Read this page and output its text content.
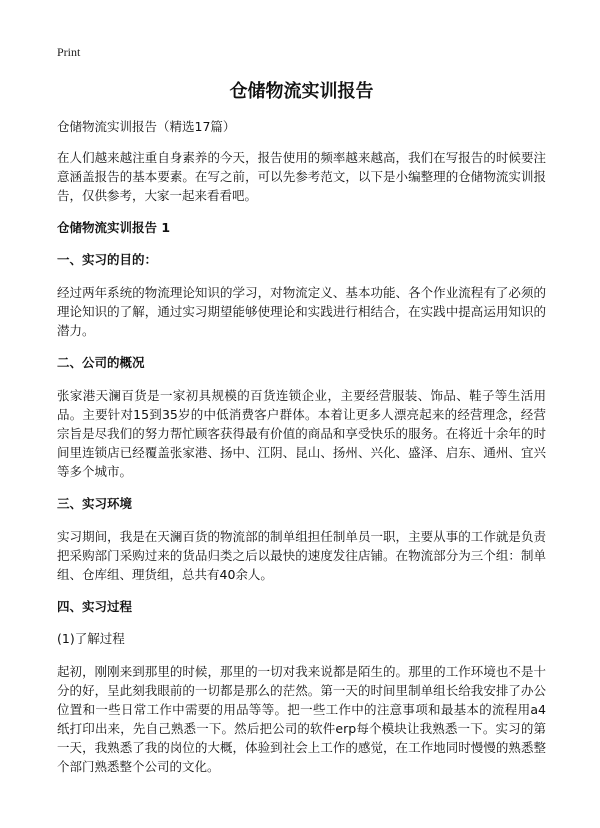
Print
仓储物流实训报告

仓储物流实训报告（精选17篇）

在人们越来越注重自身素养的今天，报告使用的频率越来越高，我们在写报告的时候要注意涵盖报告的基本要素。在写之前，可以先参考范文，以下是小编整理的仓储物流实训报告，仅供参考，大家一起来看看吧。

仓储物流实训报告 1

一、实习的目的：

经过两年系统的物流理论知识的学习，对物流定义、基本功能、各个作业流程有了必须的理论知识的了解，通过实习期望能够使理论和实践进行相结合，在实践中提高运用知识的潜力。

二、公司的概况

张家港天澜百货是一家初具规模的百货连锁企业，主要经营服装、饰品、鞋子等生活用品。主要针对15到35岁的中低消费客户群体。本着让更多人漂亮起来的经营理念，经营宗旨是尽我们的努力帮忙顾客获得最有价值的商品和享受快乐的服务。在将近十余年的时间里连锁店已经覆盖张家港、扬中、江阴、昆山、扬州、兴化、盛泽、启东、通州、宜兴等多个城市。

三、实习环境

实习期间，我是在天澜百货的物流部的制单组担任制单员一职，主要从事的工作就是负责把采购部门采购过来的货品归类之后以最快的速度发往店铺。在物流部分为三个组：制单组、仓库组、理货组，总共有40余人。

四、实习过程

(1)了解过程

起初，刚刚来到那里的时候，那里的一切对我来说都是陌生的。那里的工作环境也不是十分的好，呈此刻我眼前的一切都是那么的茫然。第一天的时间里制单组长给我安排了办公位置和一些日常工作中需要的用品等等。把一些工作中的注意事项和最基本的流程用a4纸打印出来，先自己熟悉一下。然后把公司的软件erp每个模块让我熟悉一下。实习的第一天，我熟悉了我的岗位的大概，体验到社会上工作的感觉，在工作地同时慢慢的熟悉整个部门熟悉整个公司的文化。
